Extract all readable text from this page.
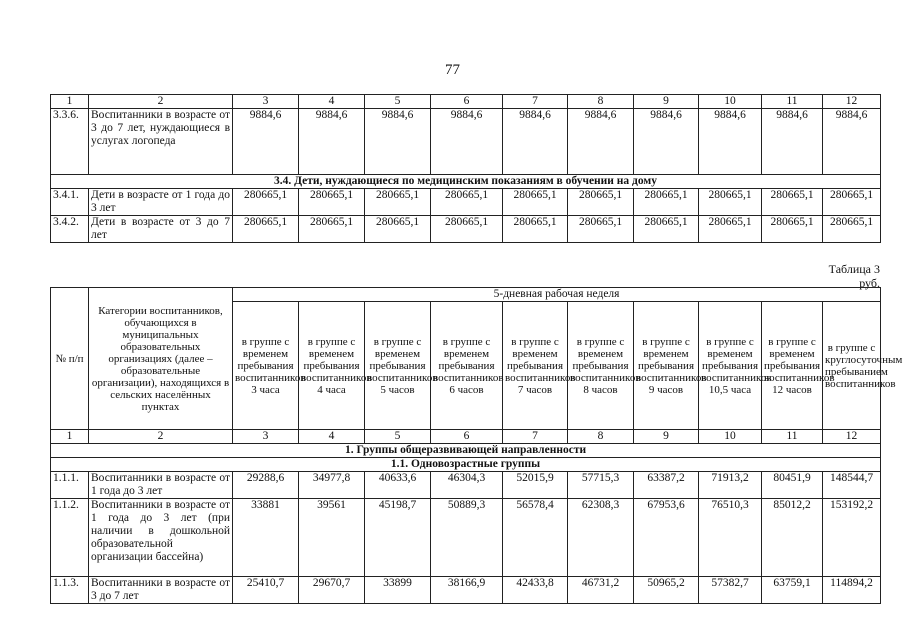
77
1	2	3	4	5	6	7	8	9	10	11	12
3.3.6.	Воспитанники в возрасте от 3 до 7 лет, нуждающиеся в услугах логопеда	9884,6	9884,6	9884,6	9884,6	9884,6	9884,6	9884,6	9884,6	9884,6	9884,6
3.4. Дети, нуждающиеся по медицинским показаниям в обучении на дому											
3.4.1.	Дети в возрасте от 1 года до 3 лет	280665,1	280665,1	280665,1	280665,1	280665,1	280665,1	280665,1	280665,1	280665,1	280665,1
3.4.2.	Дети в возрасте от 3 до 7 лет	280665,1	280665,1	280665,1	280665,1	280665,1	280665,1	280665,1	280665,1	280665,1	280665,1
Таблица 3
руб.
№ п/п	Категории воспитанников, обучающихся в муниципальных образовательных организациях (далее – образовательные организации), находящихся в сельских населённых пунктах	5-дневная рабочая неделя									
		в группе с временем пребывания воспитанников 3 часа	в группе с временем пребывания воспитанников 4 часа	в группе с временем пребывания воспитанников 5 часов	в группе с временем пребывания воспитанников 6 часов	в группе с временем пребывания воспитанников 7 часов	в группе с временем пребывания воспитанников 8 часов	в группе с временем пребывания воспитанников 9 часов	в группе с временем пребывания воспитанников 10,5 часа	в группе с временем пребывания воспитанников 12 часов	в группе с круглосуточным пребыванием воспитанников
1	2	3	4	5	6	7	8	9	10	11	12
1. Группы общеразвивающей направленности											
1.1. Одновозрастные группы											
1.1.1.	Воспитанники в возрасте от 1 года до 3 лет	29288,6	34977,8	40633,6	46304,3	52015,9	57715,3	63387,2	71913,2	80451,9	148544,7
1.1.2.	Воспитанники в возрасте от 1 года до 3 лет (при наличии в дошкольной образовательной организации бассейна)	33881	39561	45198,7	50889,3	56578,4	62308,3	67953,6	76510,3	85012,2	153192,2
1.1.3.	Воспитанники в возрасте от 3 до 7 лет	25410,7	29670,7	33899	38166,9	42433,8	46731,2	50965,2	57382,7	63759,1	114894,2
